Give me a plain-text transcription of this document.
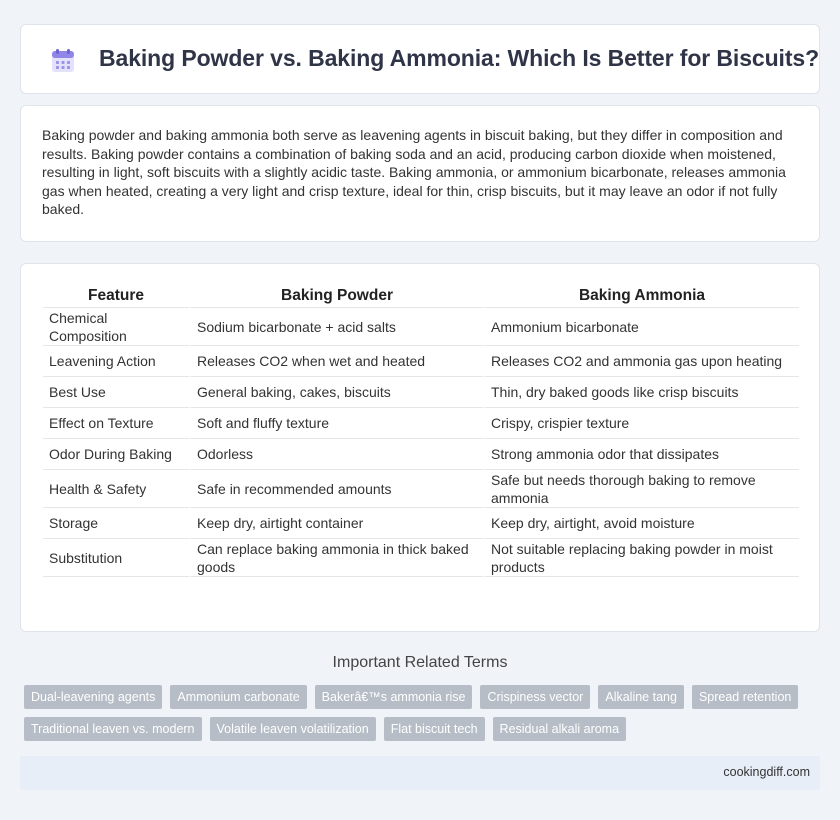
Baking Powder vs. Baking Ammonia: Which Is Better for Biscuits?

Baking powder and baking ammonia both serve as leavening agents in biscuit baking, but they differ in composition and results. Baking powder contains a combination of baking soda and an acid, producing carbon dioxide when moistened, resulting in light, soft biscuits with a slightly acidic taste. Baking ammonia, or ammonium bicarbonate, releases ammonia gas when heated, creating a very light and crisp texture, ideal for thin, crisp biscuits, but it may leave an odor if not fully baked.

Feature	Baking Powder	Baking Ammonia
Chemical Composition	Sodium bicarbonate + acid salts	Ammonium bicarbonate
Leavening Action	Releases CO2 when wet and heated	Releases CO2 and ammonia gas upon heating
Best Use	General baking, cakes, biscuits	Thin, dry baked goods like crisp biscuits
Effect on Texture	Soft and fluffy texture	Crispy, crispier texture
Odor During Baking	Odorless	Strong ammonia odor that dissipates
Health & Safety	Safe in recommended amounts	Safe but needs thorough baking to remove ammonia
Storage	Keep dry, airtight container	Keep dry, airtight, avoid moisture
Substitution	Can replace baking ammonia in thick baked goods	Not suitable replacing baking powder in moist products
Important Related Terms
Dual-leavening agents	Ammonium carbonate	Bakerâ€™s ammonia rise	Crispiness vector	Alkaline tang	Spread retention
Traditional leaven vs. modern	Volatile leaven volatilization	Flat biscuit tech	Residual alkali aroma
cookingdiff.com
